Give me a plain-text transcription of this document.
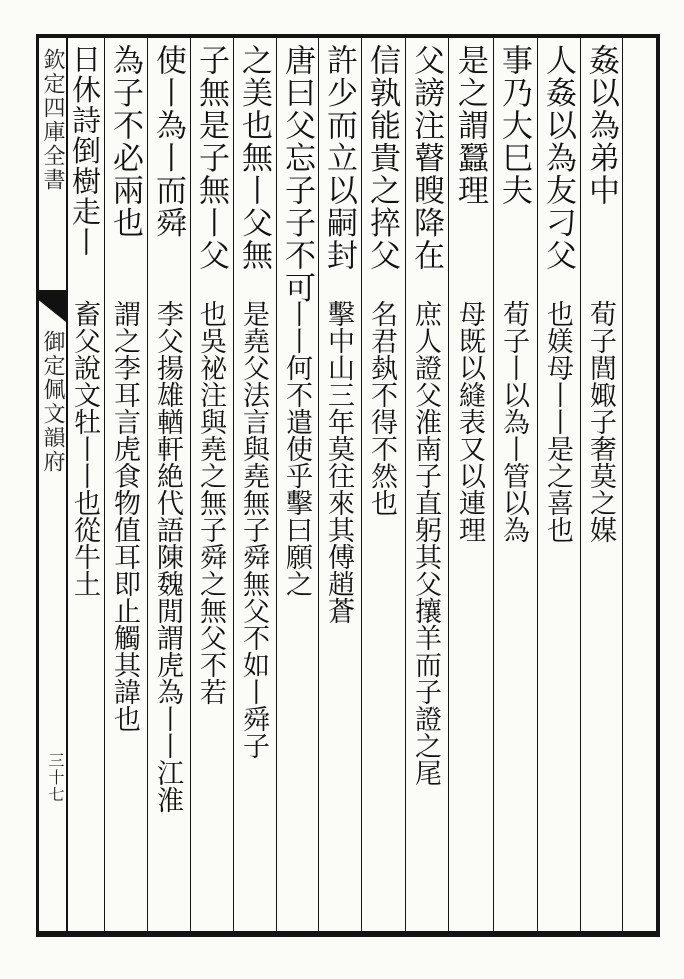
欽定四庫全書
御定佩文韻府
三十七
姦以為弟中
人姦以為友刁父
事乃大巳夫
是之謂蠶理
父謗注瞽瞍降在
信孰能貴之捽父
許少而立以嗣封
唐曰父忘子子不可
之美也無丨父無
子無是子無丨父
使丨為丨而舜
為子不必兩也
日休詩倒樹走丨
荀子閭娵子奢莫之媒
也媄母丨丨是之喜也
荀子丨以為丨管以為
母既以縫表又以連理
庶人證父淮南子直躬其父攘羊而子證之尾
名君埶不得不然也
擊中山三年莫往來其傅趙蒼
丨丨何不遣使乎擊曰願之
是堯父法言與堯無子舜無父不如丨舜子
也吳祕注與堯之無子舜之無父不若
李父揚雄輶軒絶代語陳魏閒謂虎為丨丨江淮
謂之李耳言虎食物值耳即止觸其諱也
畜父說文牡丨丨也從牛土
